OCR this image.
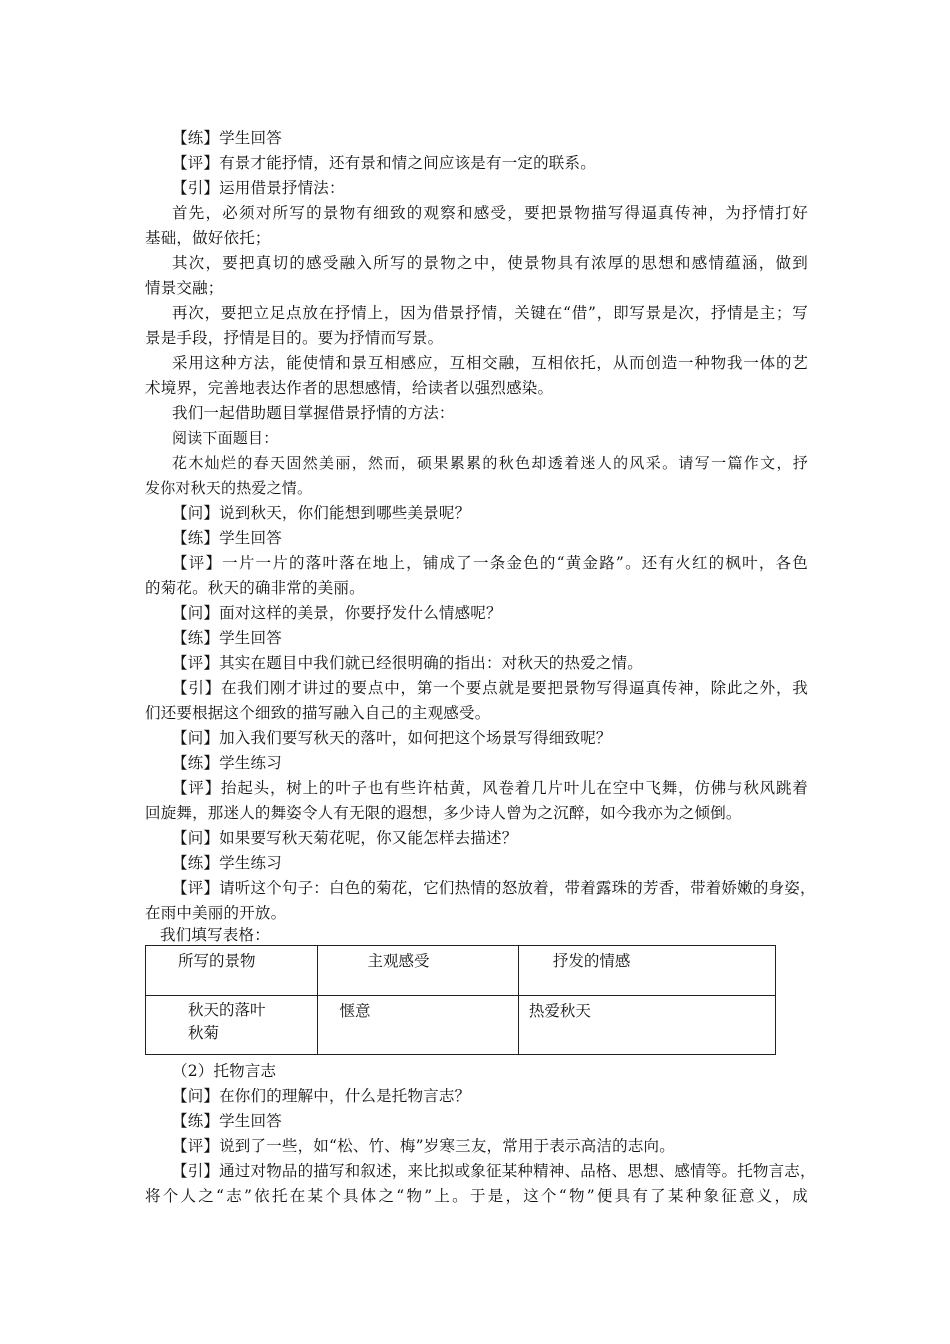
【练】学生回答
【评】有景才能抒情，还有景和情之间应该是有一定的联系。
【引】运用借景抒情法：
首先，必须对所写的景物有细致的观察和感受，要把景物描写得逼真传神，为抒情打好
基础，做好依托；
其次，要把真切的感受融入所写的景物之中，使景物具有浓厚的思想和感情蕴涵，做到
情景交融；
再次，要把立足点放在抒情上，因为借景抒情，关键在“借”，即写景是次，抒情是主；写
景是手段，抒情是目的。要为抒情而写景。
采用这种方法，能使情和景互相感应，互相交融，互相依托，从而创造一种物我一体的艺
术境界，完善地表达作者的思想感情，给读者以强烈感染。
我们一起借助题目掌握借景抒情的方法：
阅读下面题目：
花木灿烂的春天固然美丽，然而，硕果累累的秋色却透着迷人的风采。请写一篇作文，抒
发你对秋天的热爱之情。
【问】说到秋天，你们能想到哪些美景呢？
【练】学生回答
【评】一片一片的落叶落在地上，铺成了一条金色的“黄金路”。还有火红的枫叶，各色
的菊花。秋天的确非常的美丽。
【问】面对这样的美景，你要抒发什么情感呢？
【练】学生回答
【评】其实在题目中我们就已经很明确的指出：对秋天的热爱之情。
【引】在我们刚才讲过的要点中，第一个要点就是要把景物写得逼真传神，除此之外，我
们还要根据这个细致的描写融入自己的主观感受。
【问】加入我们要写秋天的落叶，如何把这个场景写得细致呢？
【练】学生练习
【评】抬起头，树上的叶子也有些许枯黄，风卷着几片叶儿在空中飞舞，仿佛与秋风跳着
回旋舞，那迷人的舞姿令人有无限的遐想，多少诗人曾为之沉醉，如今我亦为之倾倒。
【问】如果要写秋天菊花呢，你又能怎样去描述？
【练】学生练习
【评】请听这个句子：白色的菊花，它们热情的怒放着，带着露珠的芳香，带着娇嫩的身姿，
在雨中美丽的开放。
我们填写表格：
所写的景物	主观感受	抒发的情感

秋天的落叶
秋菊	惬意	热爱秋天
（2）托物言志
【问】在你们的理解中，什么是托物言志？
【练】学生回答
【评】说到了一些，如“松、竹、梅”岁寒三友，常用于表示高洁的志向。
【引】通过对物品的描写和叙述，来比拟或象征某种精神、品格、思想、感情等。托物言志，
将个人之“志”依托在某个具体之“物”上。于是，这个“物”便具有了某种象征意义，成
